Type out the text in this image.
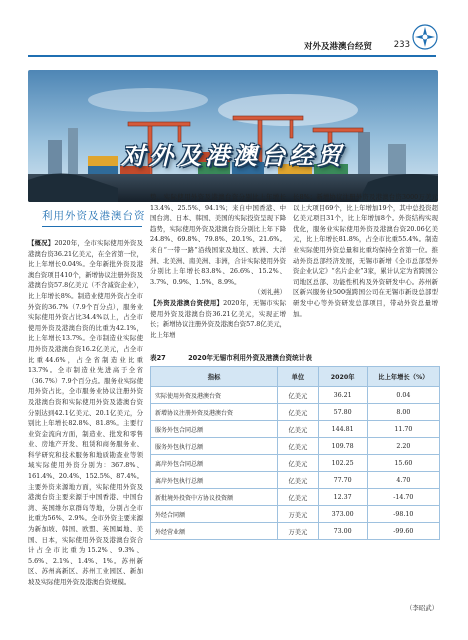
对外及港澳台经贸	233
对外及港澳台经贸
利用外资及港澳台资

【概况】2020年，全市实际使用外资及港澳台资36.21亿美元，在全省第一位，比上年增长0.04%。全年新批外资及港澳台资项目410个，新增协议注册外资及港澳台资57.8亿美元（不含减资企业），比上年增长8%。制造业使用外资占全市外资的36.7%（7.9个百分点），服务业实际使用外资占比34.4%以上，占全市使用外资及港澳台资的比重为42.1%，比上年增长13.7%。全市制造业实际使用外资及港澳台资16.2亿美元，占全市比重44.6%，占全省制造业比重13.7%。全市制造业先进高于全省（36.7%）7.9个百分点。服务业实际使用外资占比，全市服务业协议注册外资及港澳台资和实际使用外资及港澳台资分别达到42.1亿美元、20.1亿美元，分别比上年增长82.8%、81.8%。主要行业资金流向方面，制造业、批发和零售业、房地产开发、租赁和商务服务业、科学研究和技术服务和地质勘查业等领域实际使用外资分别为：367.8%、161.4%、20.4%、152.5%、87.4%。主要外资来源地方面，实际使用外资及港澳台资主要来源于中国香港、中国台湾、英国维尔京群岛等地，分别占全市比重为56%、2.9%。全市外资主要来源为新加坡、韩国、欧盟、英国属地、美国、日本，实际使用外资及港澳台资合计占全市比重为15.2%、9.3%、5.6%、2.1%、1.4%、1%。苏州新区、苏州高新区、苏州工业园区、新加坡及实际使用外资及港澳台资规模。

势，实际使用外资及港澳台资分别比上年增长13.4%、25.5%、94.1%；来自中国香港、中国台湾、日本、韩国、美国的实际投资呈现下降趋势，实际使用外资及港澳台资分别比上年下降24.8%、69.8%、79.8%、20.1%、21.6%。来自“一带一路”沿线国家及地区、欧洲、大洋洲、北美洲、南美洲、非洲，合计实际使用外资分别比上年增长83.8%、26.6%、15.2%、3.7%、0.9%、1.5%、8.9%。

（刘礼燕）

【外资及港澳台资使用】2020年，无锡市实际使用外资及港澳台资36.21亿美元，实现正增长；新增协议注册外资及港澳台资57.8亿美元，比上年增

长8%；新增协议注册外资及港澳台资3000万美元以上大项目69个，比上年增加19个，其中总投资超亿美元项目31个，比上年增加8个。外资结构实现优化，服务业实际使用外资及港澳台资20.06亿美元，比上年增长81.8%，占全市比重55.4%。制造业实际使用外资总量和比重均保持全省第一位。推动外资总部经济发展，无锡市新增《全市总部型外资企业认定》“名片企业”3家，累计认定为省跨国公司地区总部、功能性机构及外资研发中心。苏州新区新兴服务业500强跨国公司在无锡市新设总部型研发中心等外资研发总部项目，带动外资总量增加。

表27	2020年无锡市利用外资及港澳台资统计表
指标	单位	2020年	比上年增长（%）
实际使用外资及港澳台资	亿美元	36.21	0.04
新增协议注册外资及港澳台资	亿美元	57.80	8.00
服务外包合同总额	亿美元	144.81	11.70
服务外包执行总额	亿美元	109.78	2.20
离岸外包合同总额	亿美元	102.25	15.60
离岸外包执行总额	亿美元	77.70	4.70
新批境外投资中方协议投资额	亿美元	12.37	-14.70
外经合同额	万美元	373.00	-98.10
外经营业额	万美元	73.00	-99.60
（李昭武）
